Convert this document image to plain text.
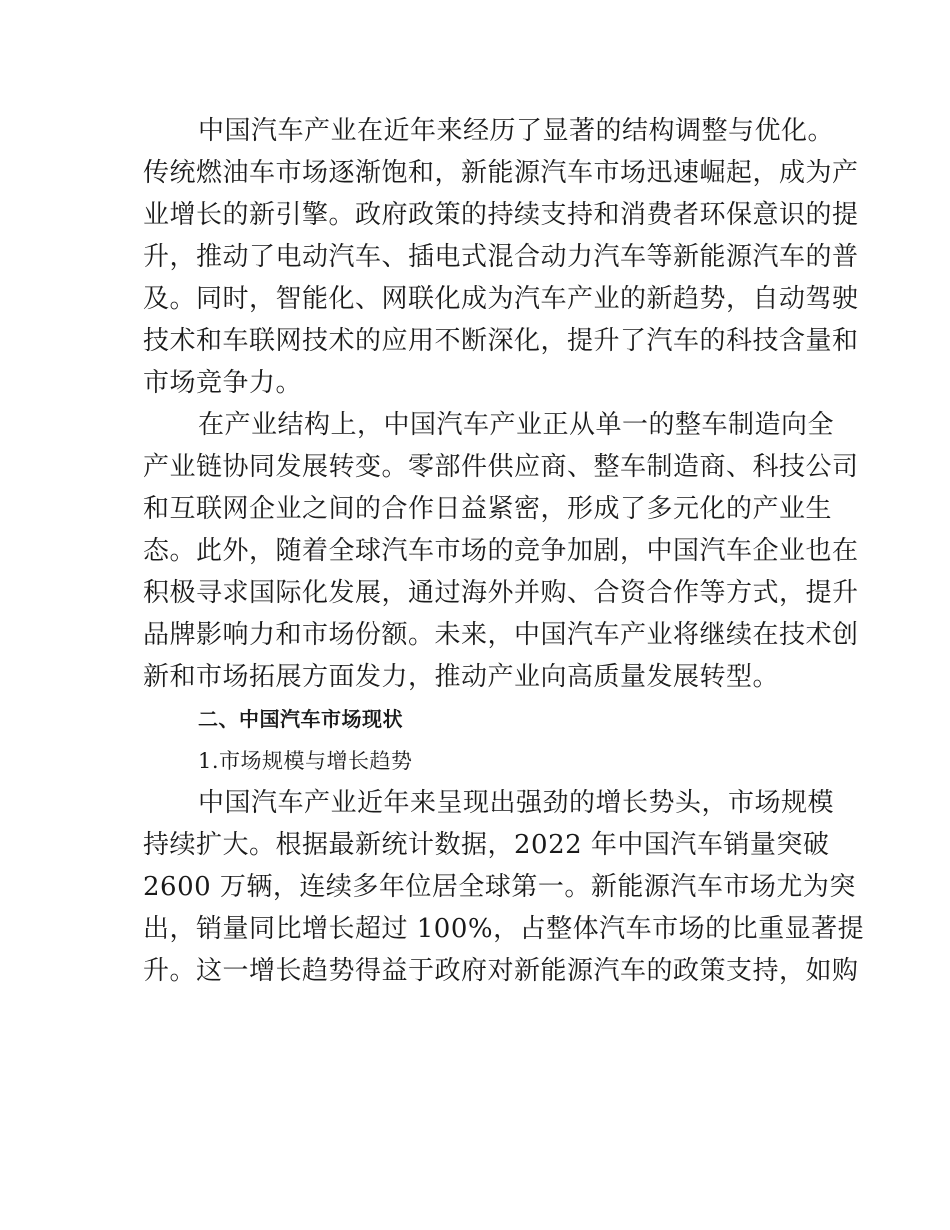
中国汽车产业在近年来经历了显著的结构调整与优化。
传统燃油车市场逐渐饱和，新能源汽车市场迅速崛起，成为产
业增长的新引擎。政府政策的持续支持和消费者环保意识的提
升，推动了电动汽车、插电式混合动力汽车等新能源汽车的普
及。同时，智能化、网联化成为汽车产业的新趋势，自动驾驶
技术和车联网技术的应用不断深化，提升了汽车的科技含量和
市场竞争力。
在产业结构上，中国汽车产业正从单一的整车制造向全
产业链协同发展转变。零部件供应商、整车制造商、科技公司
和互联网企业之间的合作日益紧密，形成了多元化的产业生
态。此外，随着全球汽车市场的竞争加剧，中国汽车企业也在
积极寻求国际化发展，通过海外并购、合资合作等方式，提升
品牌影响力和市场份额。未来，中国汽车产业将继续在技术创
新和市场拓展方面发力，推动产业向高质量发展转型。
二、中国汽车市场现状
1.市场规模与增长趋势
中国汽车产业近年来呈现出强劲的增长势头，市场规模
持续扩大。根据最新统计数据，2022 年中国汽车销量突破
2600 万辆，连续多年位居全球第一。新能源汽车市场尤为突
出，销量同比增长超过 100%，占整体汽车市场的比重显著提
升。这一增长趋势得益于政府对新能源汽车的政策支持，如购
